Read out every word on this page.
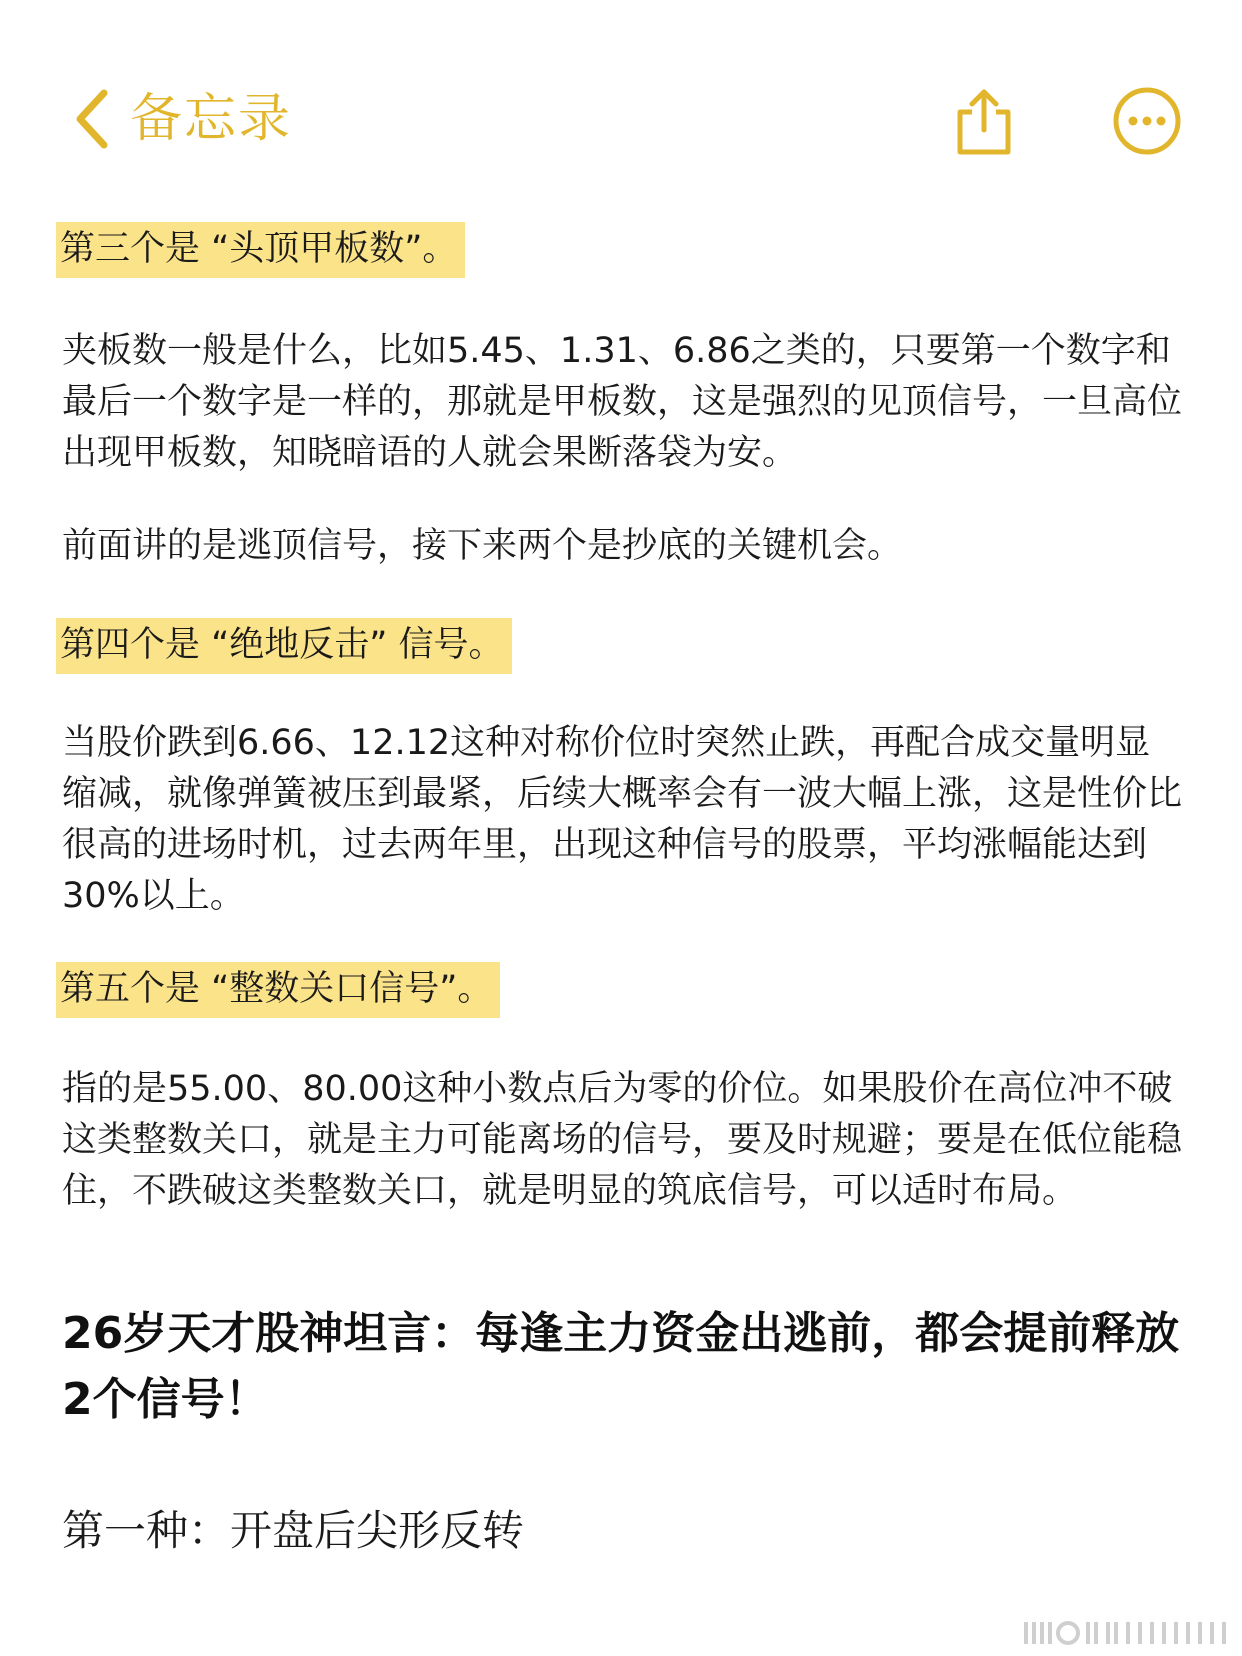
备忘录
第三个是 “头顶甲板数”。

夹板数一般是什么，比如5.45、1.31、6.86之类的，只要第一个数字和最后一个数字是一样的，那就是甲板数，这是强烈的见顶信号，一旦高位出现甲板数，知晓暗语的人就会果断落袋为安。

前面讲的是逃顶信号，接下来两个是抄底的关键机会。

第四个是 “绝地反击” 信号。

当股价跌到6.66、12.12这种对称价位时突然止跌，再配合成交量明显缩减，就像弹簧被压到最紧，后续大概率会有一波大幅上涨，这是性价比很高的进场时机，过去两年里，出现这种信号的股票，平均涨幅能达到30%以上。

第五个是 “整数关口信号”。

指的是55.00、80.00这种小数点后为零的价位。如果股价在高位冲不破这类整数关口，就是主力可能离场的信号，要及时规避；要是在低位能稳住，不跌破这类整数关口，就是明显的筑底信号，可以适时布局。

26岁天才股神坦言：每逢主力资金出逃前，都会提前释放2个信号！

第一种：开盘后尖形反转
